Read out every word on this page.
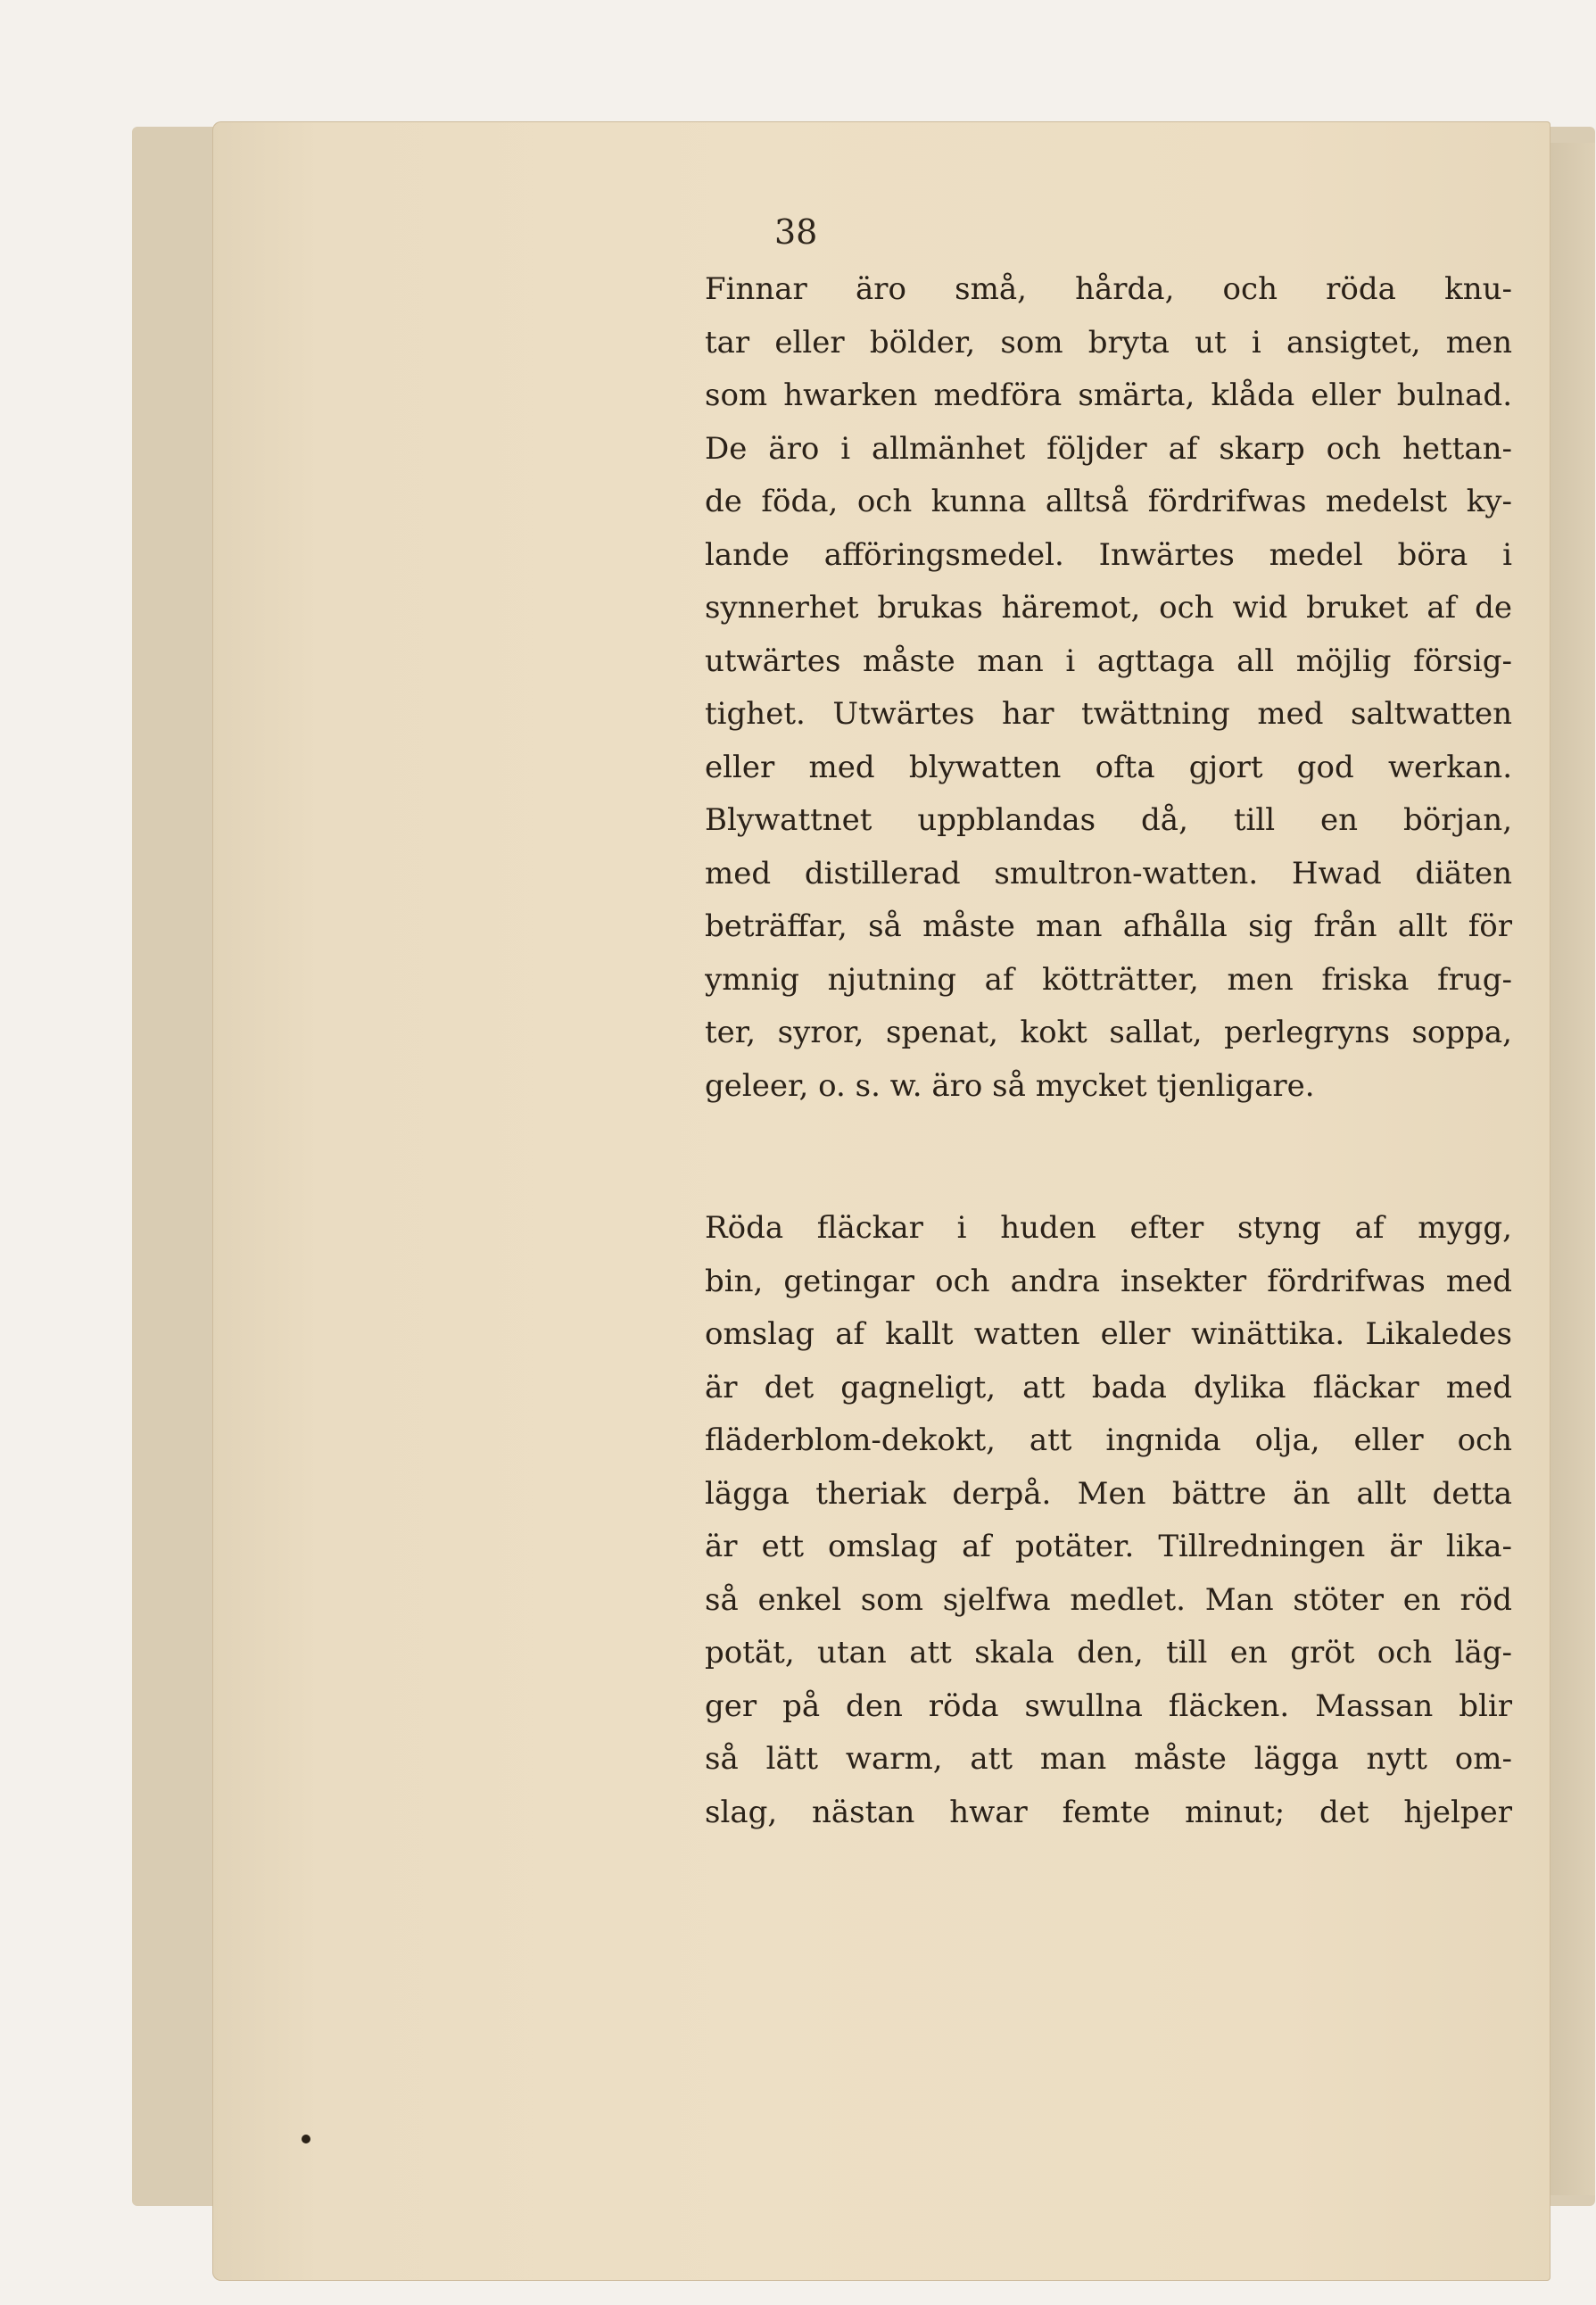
38
Finnar äro små, hårda, och röda knu-
tar eller bölder, som bryta ut i ansigtet, men
som hwarken medföra smärta, klåda eller bulnad.
De äro i allmänhet följder af skarp och hettan-
de föda, och kunna alltså fördrifwas medelst ky-
lande afföringsmedel. Inwärtes medel böra i
synnerhet brukas häremot, och wid bruket af de
utwärtes måste man i agttaga all möjlig försig-
tighet. Utwärtes har twättning med saltwatten
eller med blywatten ofta gjort god werkan.
Blywattnet uppblandas då, till en början,
med distillerad smultron-watten. Hwad diäten
beträffar, så måste man afhålla sig från allt för
ymnig njutning af kötträtter, men friska frug-
ter, syror, spenat, kokt sallat, perlegryns soppa,
geleer, o. s. w. äro så mycket tjenligare.
Röda fläckar i huden efter styng af mygg,
bin, getingar och andra insekter fördrifwas med
omslag af kallt watten eller winättika. Likaledes
är det gagneligt, att bada dylika fläckar med
fläderblom-dekokt, att ingnida olja, eller och
lägga theriak derpå. Men bättre än allt detta
är ett omslag af potäter. Tillredningen är lika-
så enkel som sjelfwa medlet. Man stöter en röd
potät, utan att skala den, till en gröt och läg-
ger på den röda swullna fläcken. Massan blir
så lätt warm, att man måste lägga nytt om-
slag, nästan hwar femte minut; det hjelper
